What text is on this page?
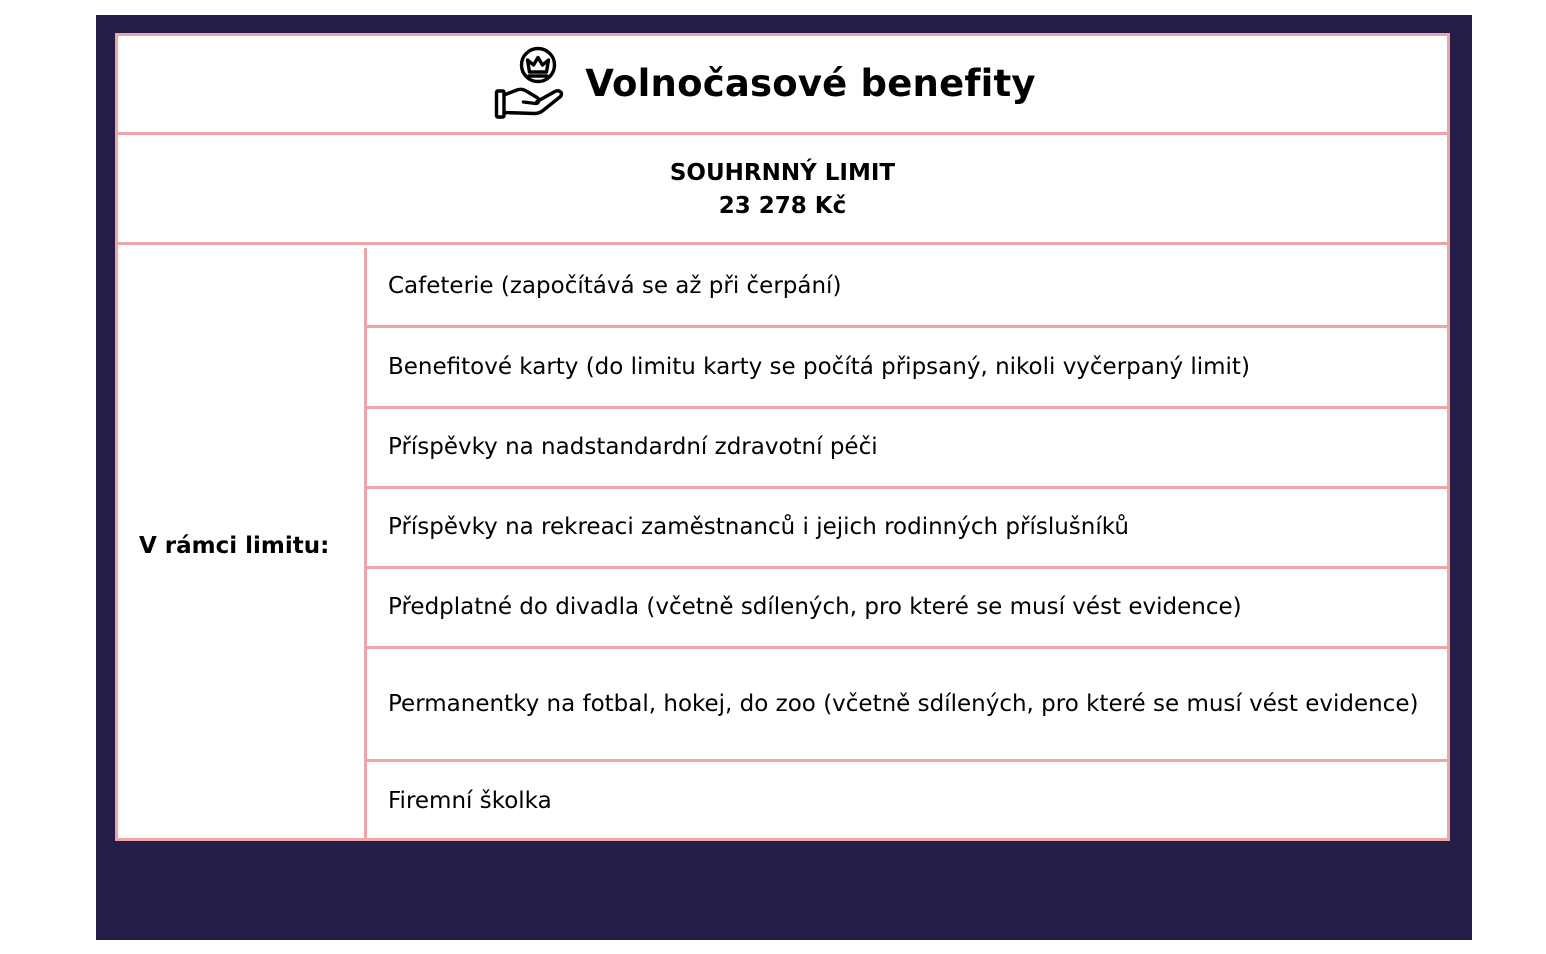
Volnočasové benefity
SOUHRNNÝ LIMIT
23 278 Kč
V rámci limitu:
Cafeterie (započítává se až při čerpání)
Benefitové karty (do limitu karty se počítá připsaný, nikoli vyčerpaný limit)
Příspěvky na nadstandardní zdravotní péči
Příspěvky na rekreaci zaměstnanců i jejich rodinných příslušníků
Předplatné do divadla (včetně sdílených, pro které se musí vést evidence)
Permanentky na fotbal, hokej, do zoo (včetně sdílených, pro které se musí vést evidence)
Firemní školka
